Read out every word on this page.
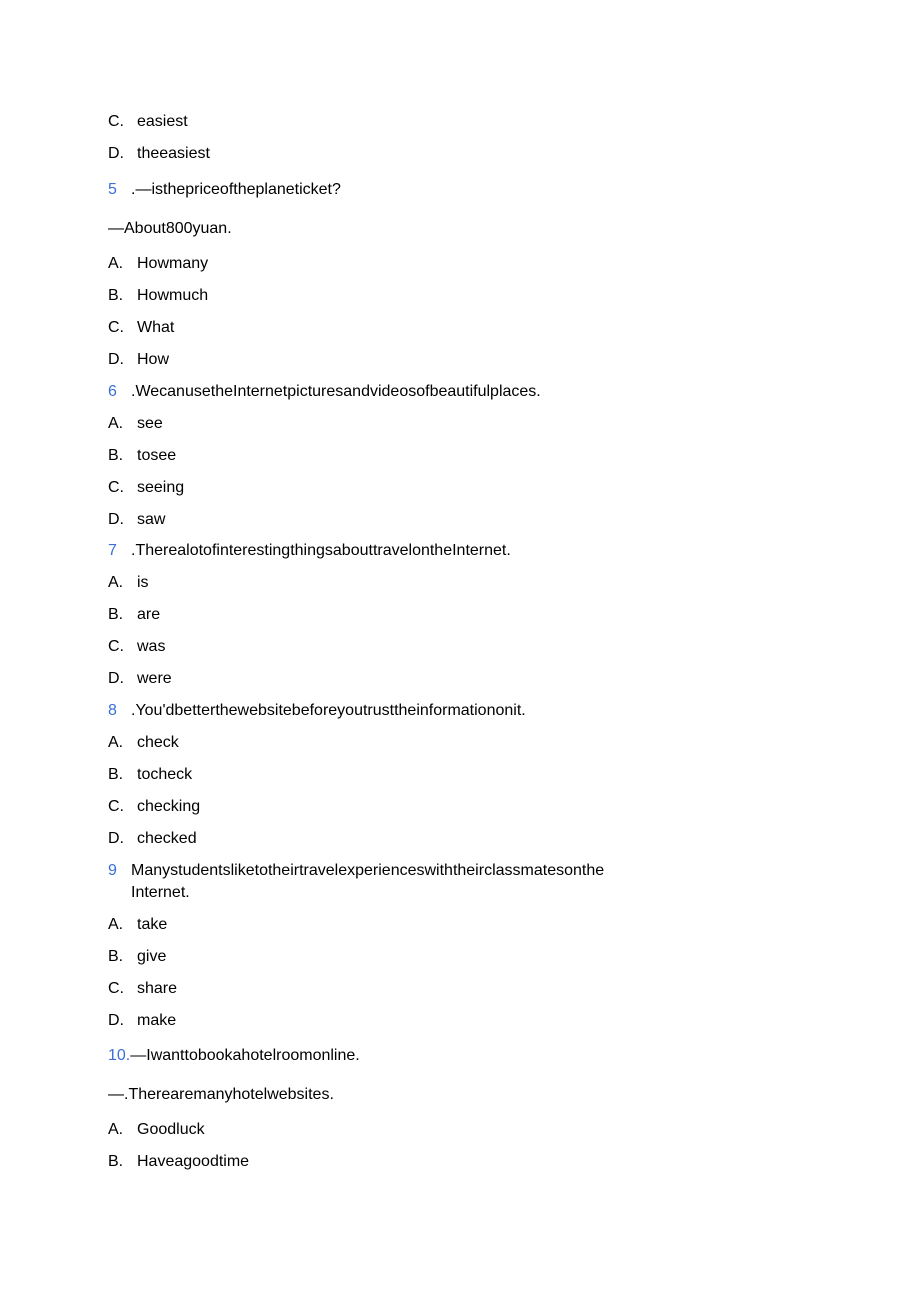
C. easiest
D. theeasiest
5 .—isthepriceoftheplaneticket?
—About800yuan.
A. Howmany
B. Howmuch
C. What
D. How
6 .WecanusetheInternetpicturesandvideosofbeautifulplaces.
A. see
B. tosee
C. seeing
D. saw
7 .TherealotofinterestingthingsabouttravelontheInternet.
A. is
B. are
C. was
D. were
8 .You'dbetterthewebsitebeforeyoutrusttheinformationonit.
A. check
B. tocheck
C. checking
D. checked
9 Manystudentsliketotheirtravelexperienceswiththeirclassmatesonthe
Internet.
A. take
B. give
C. share
D. make
10.—Iwanttobookahotelroomonline.
—.Therearemanyhotelwebsites.
A. Goodluck
B. Haveagoodtime
